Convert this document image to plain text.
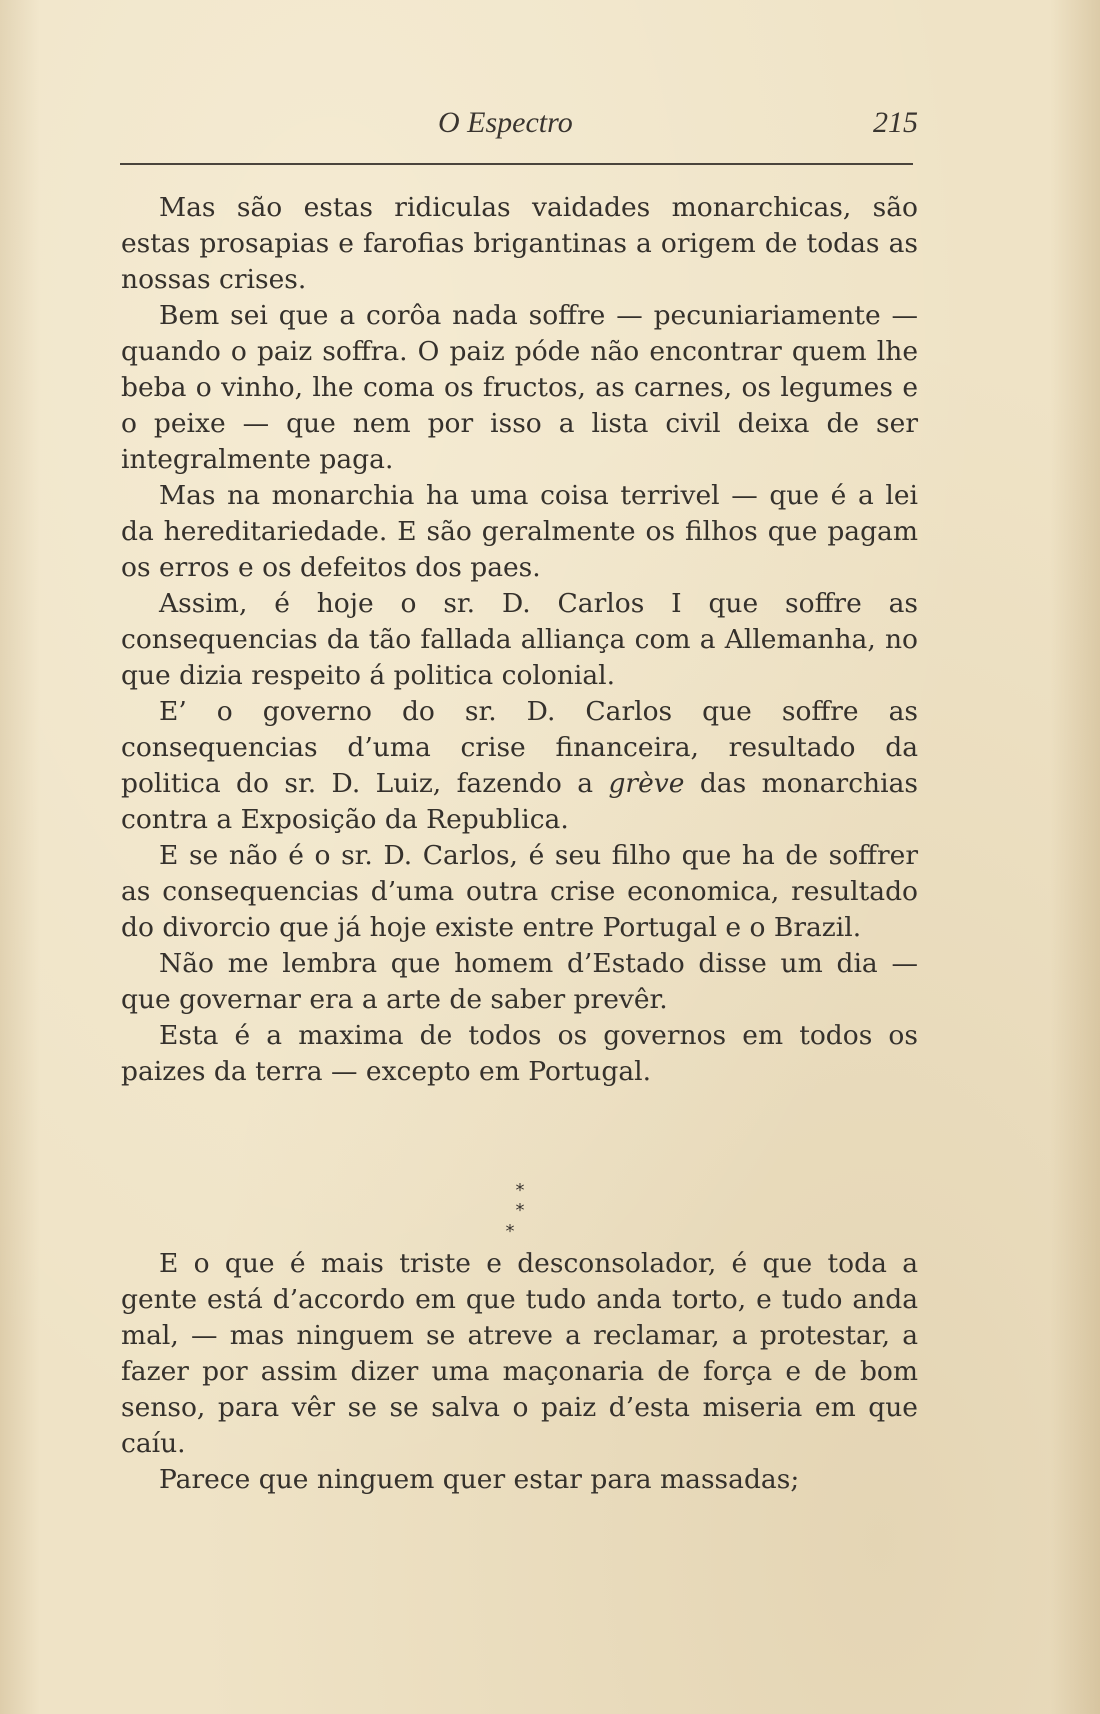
O Espectro	215

Mas são estas ridiculas vaidades monarchicas, são estas prosapias e farofias brigantinas a origem de todas as nossas crises.

Bem sei que a corôa nada soffre — pecuniariamente — quando o paiz soffra. O paiz póde não encontrar quem lhe beba o vinho, lhe coma os fructos, as carnes, os legumes e o peixe — que nem por isso a lista civil deixa de ser integralmente paga.

Mas na monarchia ha uma coisa terrivel — que é a lei da hereditariedade. E são geralmente os filhos que pagam os erros e os defeitos dos paes.

Assim, é hoje o sr. D. Carlos I que soffre as consequencias da tão fallada alliança com a Allemanha, no que dizia respeito á politica colonial.

E’ o governo do sr. D. Carlos que soffre as consequencias d’uma crise financeira, resultado da politica do sr. D. Luiz, fazendo a grève das monarchias contra a Exposição da Republica.

E se não é o sr. D. Carlos, é seu filho que ha de soffrer as consequencias d’uma outra crise economica, resultado do divorcio que já hoje existe entre Portugal e o Brazil.

Não me lembra que homem d’Estado disse um dia — que governar era a arte de saber prevêr.

Esta é a maxima de todos os governos em todos os paizes da terra — excepto em Portugal.

*
* *

E o que é mais triste e desconsolador, é que toda a gente está d’accordo em que tudo anda torto, e tudo anda mal, — mas ninguem se atreve a reclamar, a protestar, a fazer por assim dizer uma maçonaria de força e de bom senso, para vêr se se salva o paiz d’esta miseria em que caíu.

Parece que ninguem quer estar para massadas;
